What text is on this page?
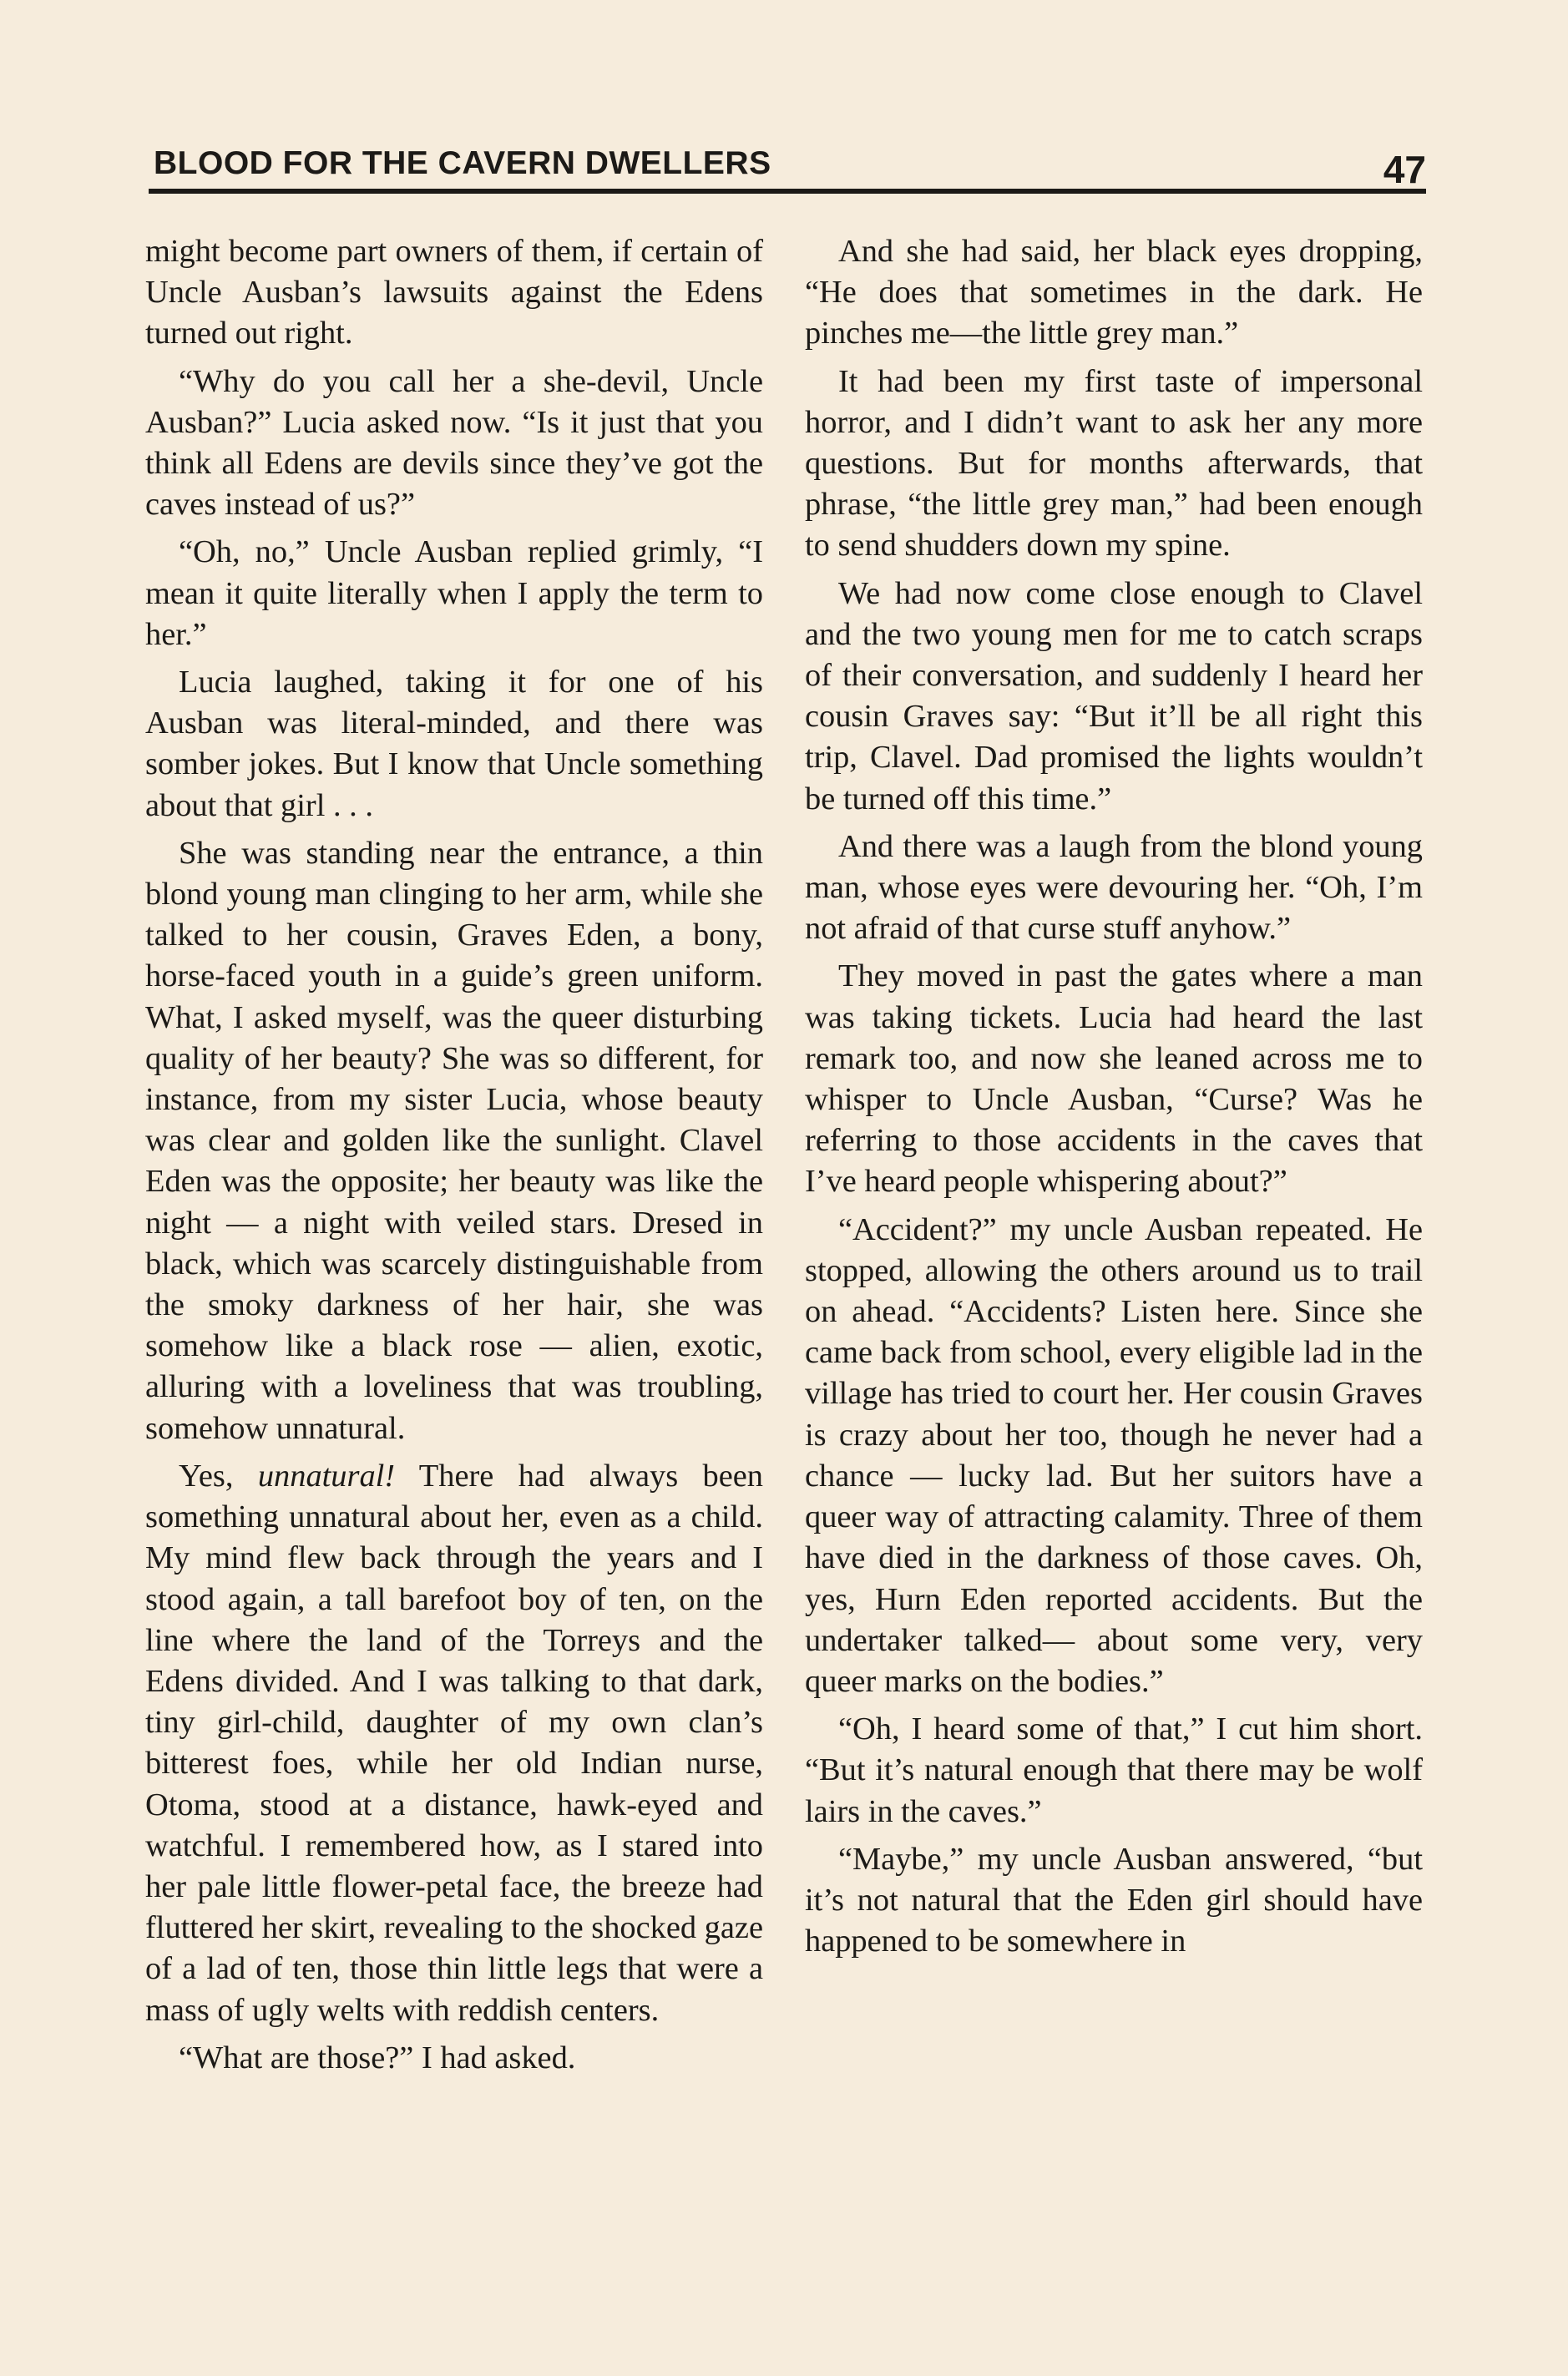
BLOOD FOR THE CAVERN DWELLERS	47

might become part owners of them, if certain of Uncle Ausban’s lawsuits against the Edens turned out right.

“Why do you call her a she-devil, Uncle Ausban?” Lucia asked now. “Is it just that you think all Edens are devils since they’ve got the caves instead of us?”

“Oh, no,” Uncle Ausban replied grimly, “I mean it quite literally when I apply the term to her.”

Lucia laughed, taking it for one of his Ausban was literal-minded, and there was somber jokes. But I know that Uncle something about that girl . . .

She was standing near the entrance, a thin blond young man clinging to her arm, while she talked to her cousin, Graves Eden, a bony, horse-faced youth in a guide’s green uniform. What, I asked myself, was the queer disturbing quality of her beauty? She was so different, for instance, from my sister Lucia, whose beauty was clear and golden like the sunlight. Clavel Eden was the opposite; her beauty was like the night — a night with veiled stars. Dresed in black, which was scarcely distinguishable from the smoky darkness of her hair, she was somehow like a black rose — alien, exotic, alluring with a loveliness that was troubling, somehow unnatural.

Yes, unnatural! There had always been something unnatural about her, even as a child. My mind flew back through the years and I stood again, a tall barefoot boy of ten, on the line where the land of the Torreys and the Edens divided. And I was talking to that dark, tiny girl-child, daughter of my own clan’s bitterest foes, while her old Indian nurse, Otoma, stood at a distance, hawk-eyed and watchful. I remembered how, as I stared into her pale little flower-petal face, the breeze had fluttered her skirt, revealing to the shocked gaze of a lad of ten, those thin little legs that were a mass of ugly welts with reddish centers.

“What are those?” I had asked.

And she had said, her black eyes dropping, “He does that sometimes in the dark. He pinches me—the little grey man.”

It had been my first taste of impersonal horror, and I didn’t want to ask her any more questions. But for months afterwards, that phrase, “the little grey man,” had been enough to send shudders down my spine.

We had now come close enough to Clavel and the two young men for me to catch scraps of their conversation, and suddenly I heard her cousin Graves say: “But it’ll be all right this trip, Clavel. Dad promised the lights wouldn’t be turned off this time.”

And there was a laugh from the blond young man, whose eyes were devouring her. “Oh, I’m not afraid of that curse stuff anyhow.”

They moved in past the gates where a man was taking tickets. Lucia had heard the last remark too, and now she leaned across me to whisper to Uncle Ausban, “Curse? Was he referring to those accidents in the caves that I’ve heard people whispering about?”

“Accident?” my uncle Ausban repeated. He stopped, allowing the others around us to trail on ahead. “Accidents? Listen here. Since she came back from school, every eligible lad in the village has tried to court her. Her cousin Graves is crazy about her too, though he never had a chance — lucky lad. But her suitors have a queer way of attracting calamity. Three of them have died in the darkness of those caves. Oh, yes, Hurn Eden reported accidents. But the undertaker talked— about some very, very queer marks on the bodies.”

“Oh, I heard some of that,” I cut him short. “But it’s natural enough that there may be wolf lairs in the caves.”

“Maybe,” my uncle Ausban answered, “but it’s not natural that the Eden girl should have happened to be somewhere in
